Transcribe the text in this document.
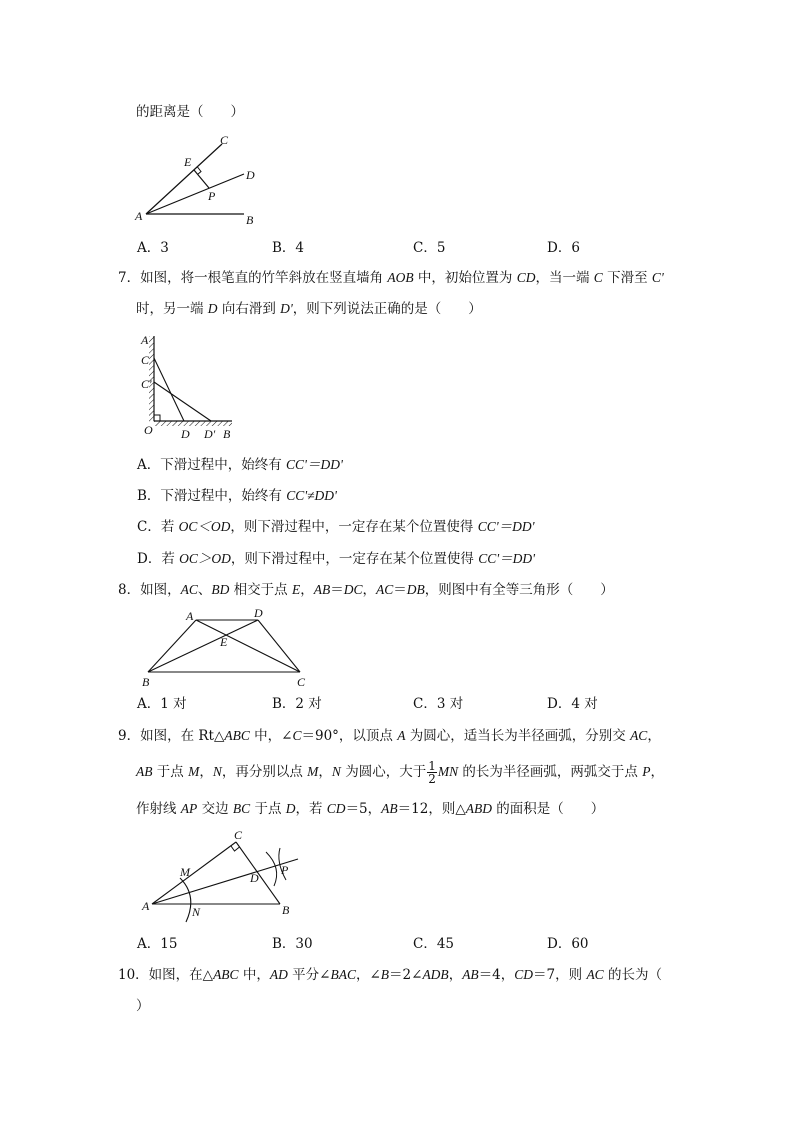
的距离是（　　）
C
E
D
P
A	B
A．3	B．4	C．5	D．6
7．如图，将一根笔直的竹竿斜放在竖直墙角 AOB 中，初始位置为 CD，当一端 C 下滑至 C'
时，另一端 D 向右滑到 D'，则下列说法正确的是（　　）
A
C
C'
O D D' B
A．下滑过程中，始终有 CC'＝DD'
B．下滑过程中，始终有 CC'≠DD'
C．若 OC＜OD，则下滑过程中，一定存在某个位置使得 CC'＝DD'
D．若 OC＞OD，则下滑过程中，一定存在某个位置使得 CC'＝DD'
8．如图，AC、BD 相交于点 E，AB＝DC，AC＝DB，则图中有全等三角形（　　）
A	D
E
B	C
A．1 对	B．2 对	C．3 对	D．4 对
9．如图，在 Rt△ABC 中，∠C＝90°，以顶点 A 为圆心，适当长为半径画弧，分别交 AC，
AB 于点 M，N，再分别以点 M，N 为圆心，大于 $\frac{1}{2}$ MN 的长为半径画弧，两弧交于点 P，
作射线 AP 交边 BC 于点 D，若 CD＝5，AB＝12，则△ABD 的面积是（　　）
C
M	D
P
A	N	B
A．15	B．30	C．45	D．60
10．如图，在△ABC 中，AD 平分∠BAC，∠B＝2∠ADB，AB＝4，CD＝7，则 AC 的长为（
）
